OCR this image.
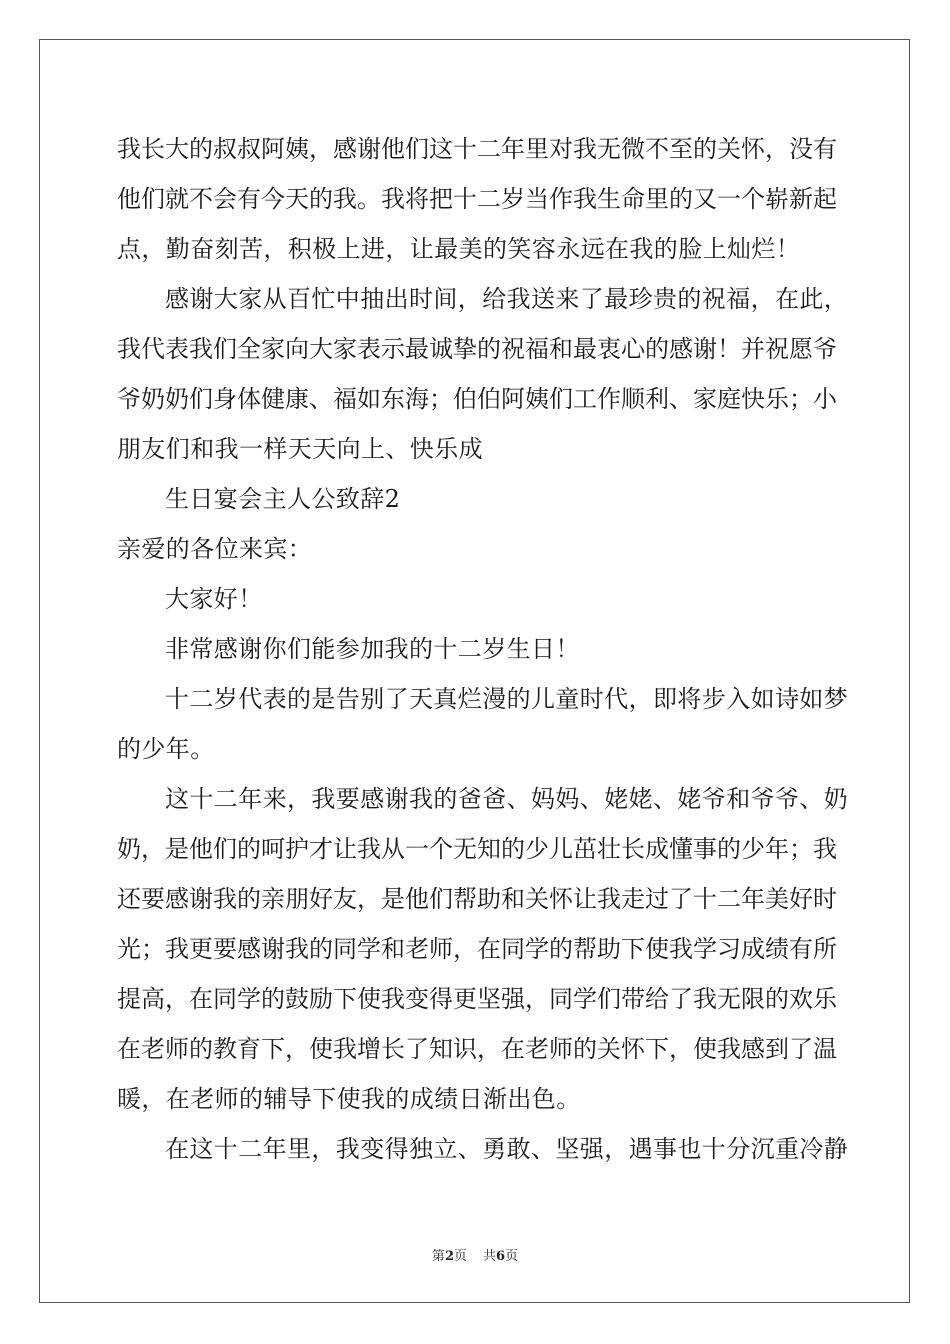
我长大的叔叔阿姨，感谢他们这十二年里对我无微不至的关怀，没有
他们就不会有今天的我。我将把十二岁当作我生命里的又一个崭新起
点，勤奋刻苦，积极上进，让最美的笑容永远在我的脸上灿烂！
感谢大家从百忙中抽出时间，给我送来了最珍贵的祝福，在此，
我代表我们全家向大家表示最诚挚的祝福和最衷心的感谢！并祝愿爷
爷奶奶们身体健康、福如东海；伯伯阿姨们工作顺利、家庭快乐；小
朋友们和我一样天天向上、快乐成
生日宴会主人公致辞2
亲爱的各位来宾：
大家好！
非常感谢你们能参加我的十二岁生日！
十二岁代表的是告别了天真烂漫的儿童时代，即将步入如诗如梦
的少年。
这十二年来，我要感谢我的爸爸、妈妈、姥姥、姥爷和爷爷、奶
奶，是他们的呵护才让我从一个无知的少儿茁壮长成懂事的少年；我
还要感谢我的亲朋好友，是他们帮助和关怀让我走过了十二年美好时
光；我更要感谢我的同学和老师，在同学的帮助下使我学习成绩有所
提高，在同学的鼓励下使我变得更坚强，同学们带给了我无限的欢乐
在老师的教育下，使我增长了知识，在老师的关怀下，使我感到了温
暖，在老师的辅导下使我的成绩日渐出色。
在这十二年里，我变得独立、勇敢、坚强，遇事也十分沉重冷静
第2页 共6页
